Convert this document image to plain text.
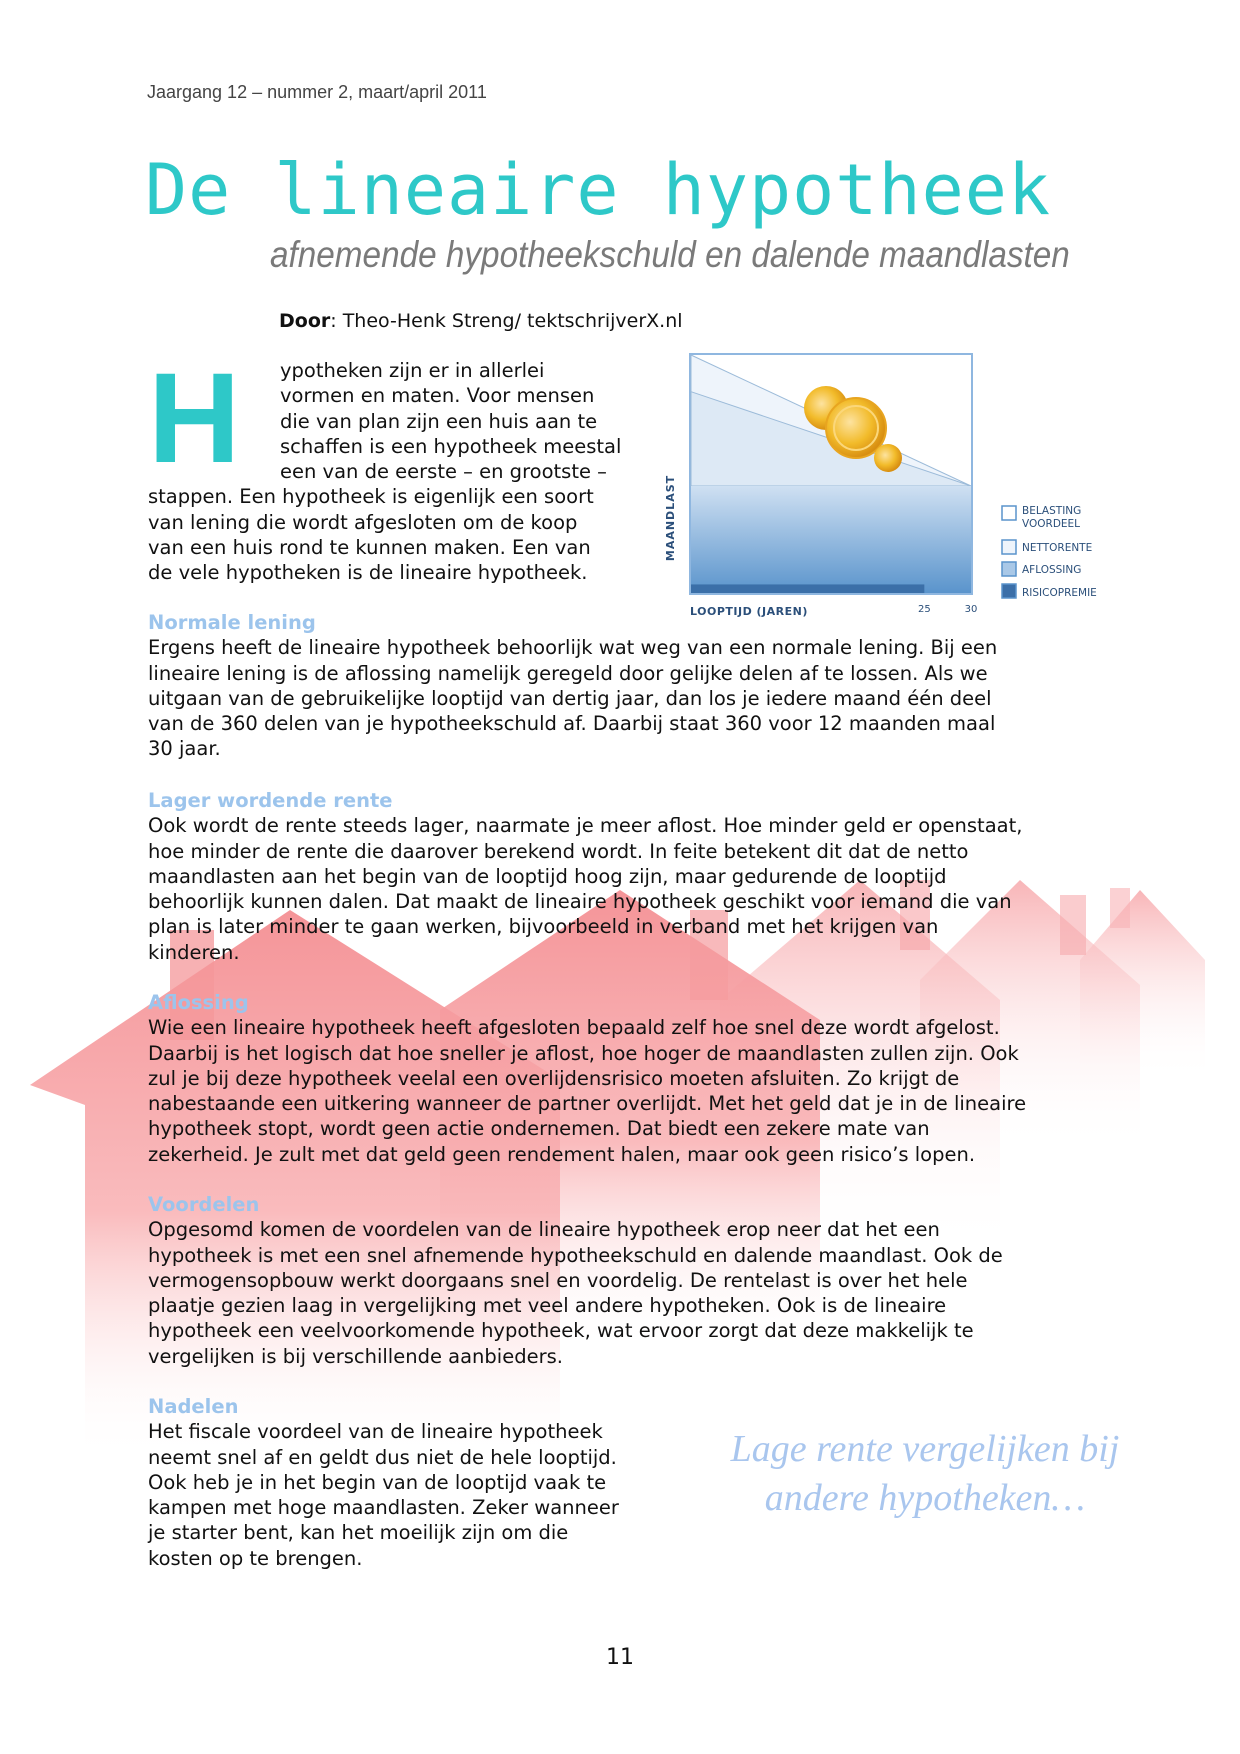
Jaargang 12 – nummer 2, maart/april 2011
De lineaire hypotheek
afnemende hypotheekschuld en dalende maandlasten
Door: Theo-Henk Streng/ tektschrijverX.nl
H ypotheken zijn er in allerlei
vormen en maten. Voor mensen
die van plan zijn een huis aan te
schaffen is een hypotheek meestal
een van de eerste – en grootste –
stappen. Een hypotheek is eigenlijk een soort
van lening die wordt afgesloten om de koop
van een huis rond te kunnen maken. Een van
de vele hypotheken is de lineaire hypotheek.
MAANDLAST
LOOPTIJD (JAREN)	25	30
BELASTING
VOORDEEL
NETTORENTE
AFLOSSING
RISICOPREMIE

Normale lening

Ergens heeft de lineaire hypotheek behoorlijk wat weg van een normale lening. Bij een
lineaire lening is de aflossing namelijk geregeld door gelijke delen af te lossen. Als we
uitgaan van de gebruikelijke looptijd van dertig jaar, dan los je iedere maand één deel
van de 360 delen van je hypotheekschuld af. Daarbij staat 360 voor 12 maanden maal
30 jaar.

Lager wordende rente

Ook wordt de rente steeds lager, naarmate je meer aflost. Hoe minder geld er openstaat,
hoe minder de rente die daarover berekend wordt. In feite betekent dit dat de netto
maandlasten aan het begin van de looptijd hoog zijn, maar gedurende de looptijd
behoorlijk kunnen dalen. Dat maakt de lineaire hypotheek geschikt voor iemand die van
plan is later minder te gaan werken, bijvoorbeeld in verband met het krijgen van
kinderen.

Aflossing

Wie een lineaire hypotheek heeft afgesloten bepaald zelf hoe snel deze wordt afgelost.
Daarbij is het logisch dat hoe sneller je aflost, hoe hoger de maandlasten zullen zijn. Ook
zul je bij deze hypotheek veelal een overlijdensrisico moeten afsluiten. Zo krijgt de
nabestaande een uitkering wanneer de partner overlijdt. Met het geld dat je in de lineaire
hypotheek stopt, wordt geen actie ondernemen. Dat biedt een zekere mate van
zekerheid. Je zult met dat geld geen rendement halen, maar ook geen risico’s lopen.

Voordelen

Opgesomd komen de voordelen van de lineaire hypotheek erop neer dat het een
hypotheek is met een snel afnemende hypotheekschuld en dalende maandlast. Ook de
vermogensopbouw werkt doorgaans snel en voordelig. De rentelast is over het hele
plaatje gezien laag in vergelijking met veel andere hypotheken. Ook is de lineaire
hypotheek een veelvoorkomende hypotheek, wat ervoor zorgt dat deze makkelijk te
vergelijken is bij verschillende aanbieders.

Nadelen

Het fiscale voordeel van de lineaire hypotheek
neemt snel af en geldt dus niet de hele looptijd.
Ook heb je in het begin van de looptijd vaak te
kampen met hoge maandlasten. Zeker wanneer
je starter bent, kan het moeilijk zijn om die
kosten op te brengen.

Lage rente vergelijken bij
andere hypotheken…
11
